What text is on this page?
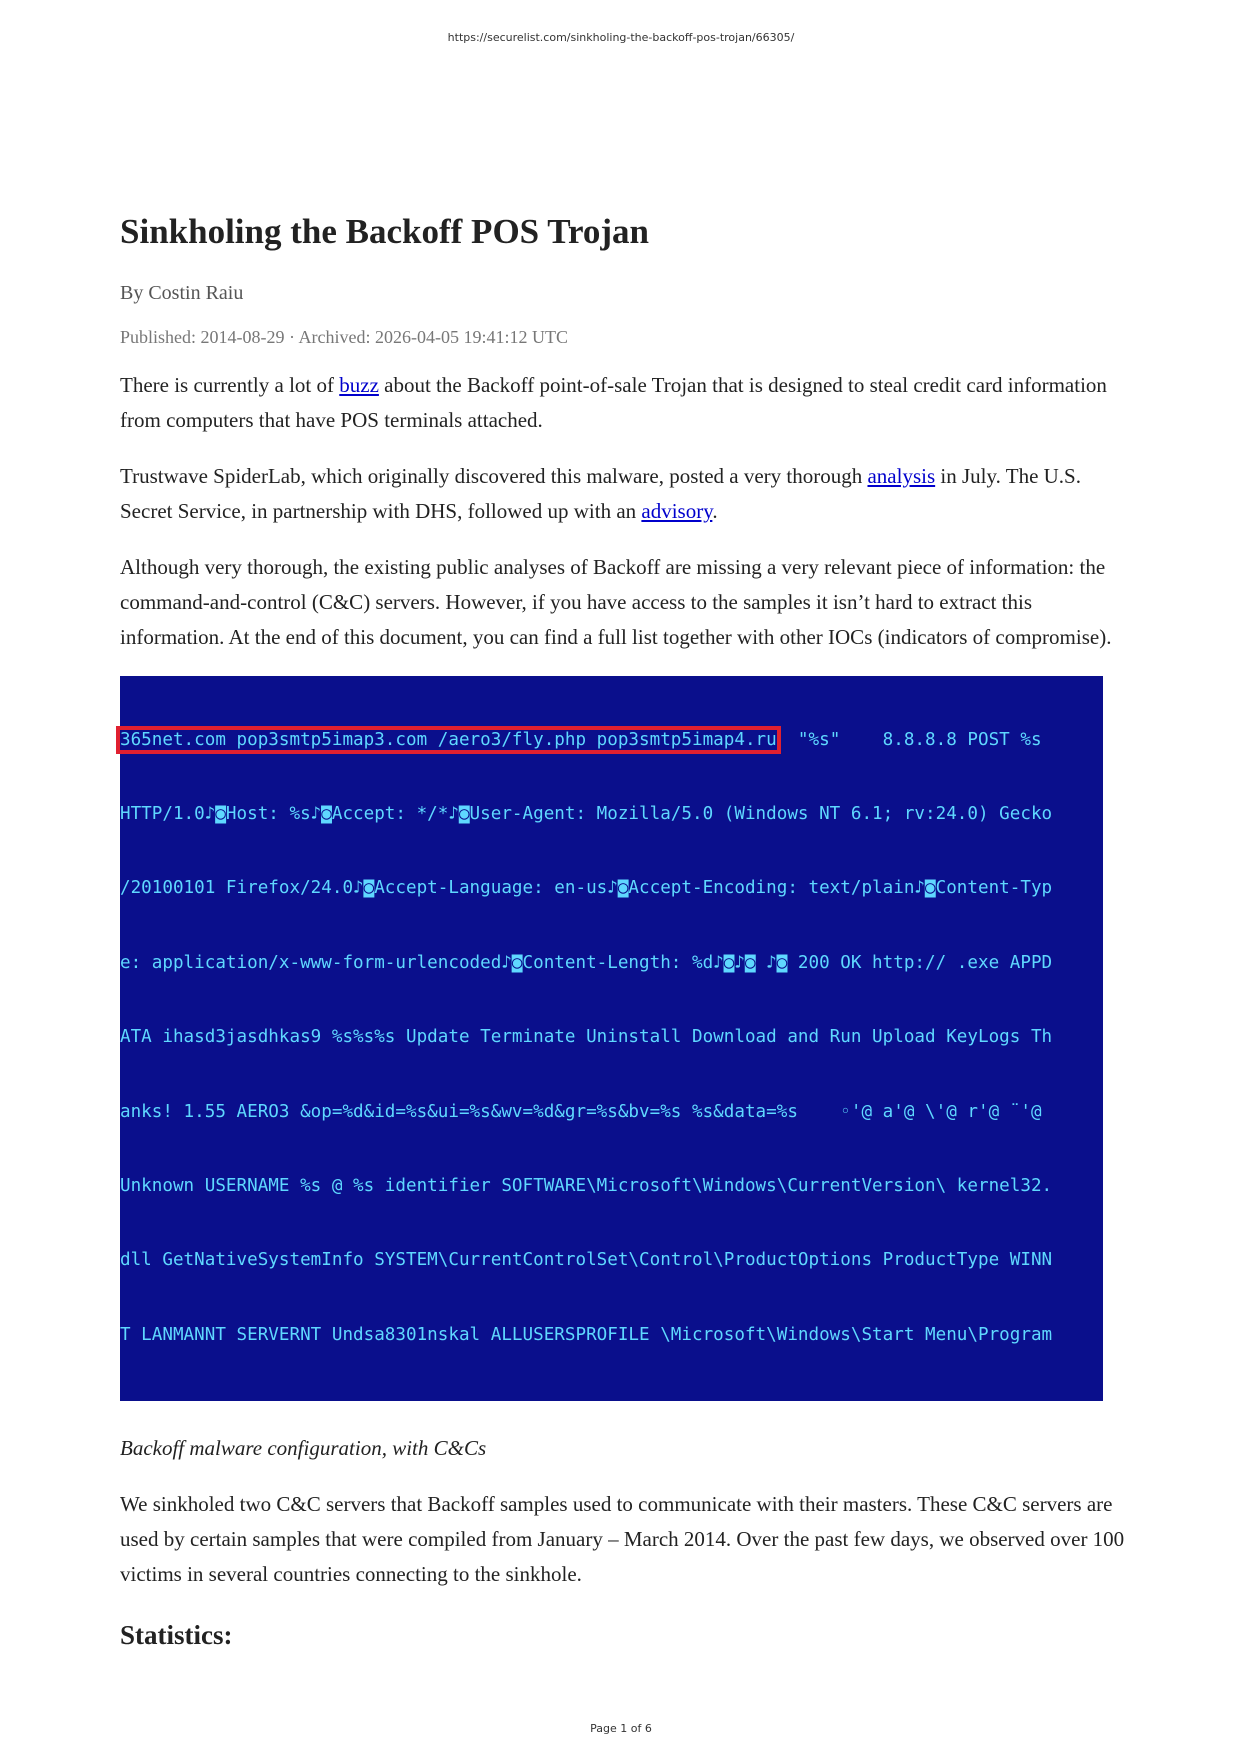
https://securelist.com/sinkholing-the-backoff-pos-trojan/66305/
Sinkholing the Backoff POS Trojan
By Costin Raiu
Published: 2014-08-29 · Archived: 2026-04-05 19:41:12 UTC

There is currently a lot of buzz about the Backoff point-of-sale Trojan that is designed to steal credit card information from computers that have POS terminals attached.

Trustwave SpiderLab, which originally discovered this malware, posted a very thorough analysis in July. The U.S. Secret Service, in partnership with DHS, followed up with an advisory.

Although very thorough, the existing public analyses of Backoff are missing a very relevant piece of information: the command-and-control (C&C) servers. However, if you have access to the samples it isn’t hard to extract this information. At the end of this document, you can find a full list together with other IOCs (indicators of compromise).

365net.com pop3smtp5imap3.com /aero3/fly.php pop3smtp5imap4.ru  "%s"    8.8.8.8 POST %s

HTTP/1.0♪◙Host: %s♪◙Accept: */*♪◙User-Agent: Mozilla/5.0 (Windows NT 6.1; rv:24.0) Gecko

/20100101 Firefox/24.0♪◙Accept-Language: en-us♪◙Accept-Encoding: text/plain♪◙Content-Typ

e: application/x-www-form-urlencoded♪◙Content-Length: %d♪◙♪◙ ♪◙ 200 OK http:// .exe APPD

ATA ihasd3jasdhkas9 %s%s%s Update Terminate Uninstall Download and Run Upload KeyLogs Th

anks! 1.55 AERO3 &op=%d&id=%s&ui=%s&wv=%d&gr=%s&bv=%s %s&data=%s    ◦'@ a'@ \'@ r'@ ¨'@

Unknown USERNAME %s @ %s identifier SOFTWARE\Microsoft\Windows\CurrentVersion\ kernel32.

dll GetNativeSystemInfo SYSTEM\CurrentControlSet\Control\ProductOptions ProductType WINN

T LANMANNT SERVERNT Undsa8301nskal ALLUSERSPROFILE \Microsoft\Windows\Start Menu\Program

Backoff malware configuration, with C&Cs

We sinkholed two C&C servers that Backoff samples used to communicate with their masters. These C&C servers are used by certain samples that were compiled from January – March 2014. Over the past few days, we observed over 100 victims in several countries connecting to the sinkhole.

Statistics:
Page 1 of 6
